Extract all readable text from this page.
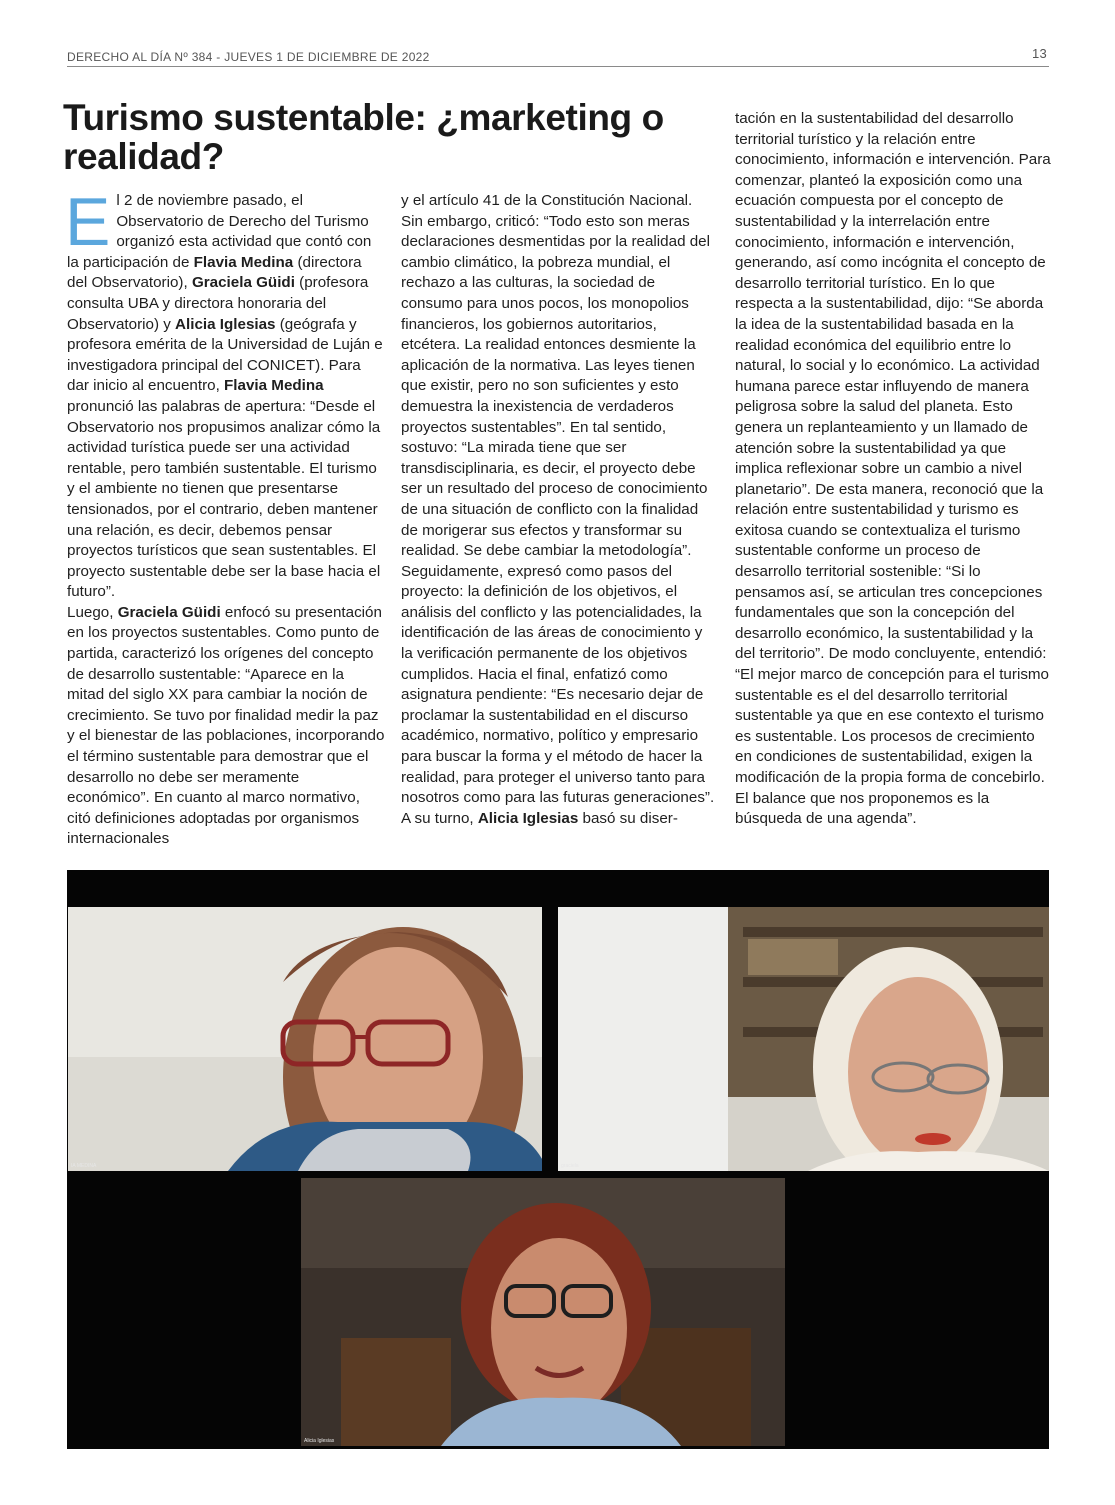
DERECHO AL DÍA Nº 384 - JUEVES 1 DE DICIEMBRE DE 2022	13
Turismo sustentable: ¿marketing o realidad?

El 2 de noviembre pasado, el Observatorio de Derecho del Turismo organizó esta actividad que contó con la participación de Flavia Medina (directora del Observatorio), Graciela Güidi (profesora consulta UBA y directora honoraria del Observatorio) y Alicia Iglesias (geógrafa y profesora emérita de la Universidad de Luján e investigadora principal del CONICET). Para dar inicio al encuentro, Flavia Medina pronunció las palabras de apertura: “Desde el Observatorio nos propusimos analizar cómo la actividad turística puede ser una actividad rentable, pero también sustentable. El turismo y el ambiente no tienen que presentarse tensionados, por el contrario, deben mantener una relación, es decir, debemos pensar proyectos turísticos que sean sustentables. El proyecto sustentable debe ser la base hacia el futuro”.

Luego, Graciela Güidi enfocó su presentación en los proyectos sustentables. Como punto de partida, caracterizó los orígenes del concepto de desarrollo sustentable: “Aparece en la mitad del siglo XX para cambiar la noción de crecimiento. Se tuvo por finalidad medir la paz y el bienestar de las poblaciones, incorporando el término sustentable para demostrar que el desarrollo no debe ser meramente económico”. En cuanto al marco normativo, citó definiciones adoptadas por organismos internacionales

y el artículo 41 de la Constitución Nacional. Sin embargo, criticó: “Todo esto son meras declaraciones desmentidas por la realidad del cambio climático, la pobreza mundial, el rechazo a las culturas, la sociedad de consumo para unos pocos, los monopolios financieros, los gobiernos autoritarios, etcétera. La realidad entonces desmiente la aplicación de la normativa. Las leyes tienen que existir, pero no son suficientes y esto demuestra la inexistencia de verdaderos proyectos sustentables”. En tal sentido, sostuvo: “La mirada tiene que ser transdisciplinaria, es decir, el proyecto debe ser un resultado del proceso de conocimiento de una situación de conflicto con la finalidad de morigerar sus efectos y transformar su realidad. Se debe cambiar la metodología”. Seguidamente, expresó como pasos del proyecto: la definición de los objetivos, el análisis del conflicto y las potencialidades, la identificación de las áreas de conocimiento y la verificación permanente de los objetivos cumplidos. Hacia el final, enfatizó como asignatura pendiente: “Es necesario dejar de proclamar la sustentabilidad en el discurso académico, normativo, político y empresario para buscar la forma y el método de hacer la realidad, para proteger el universo tanto para nosotros como para las futuras generaciones”.

A su turno, Alicia Iglesias basó su diser-

tación en la sustentabilidad del desarrollo territorial turístico y la relación entre conocimiento, información e intervención. Para comenzar, planteó la exposición como una ecuación compuesta por el concepto de sustentabilidad y la interrelación entre conocimiento, información e intervención, generando, así como incógnita el concepto de desarrollo territorial turístico. En lo que respecta a la sustentabilidad, dijo: “Se aborda la idea de la sustentabilidad basada en la realidad económica del equilibrio entre lo natural, lo social y lo económico. La actividad humana parece estar influyendo de manera peligrosa sobre la salud del planeta. Esto genera un replanteamiento y un llamado de atención sobre la sustentabilidad ya que implica reflexionar sobre un cambio a nivel planetario”. De esta manera, reconoció que la relación entre sustentabilidad y turismo es exitosa cuando se contextualiza el turismo sustentable conforme un proceso de desarrollo territorial sostenible: “Si lo pensamos así, se articulan tres concepciones fundamentales que son la concepción del desarrollo económico, la sustentabilidad y la del territorio”. De modo concluyente, entendió: “El mejor marco de concepción para el turismo sustentable es el del desarrollo territorial sustentable ya que en ese contexto el turismo es sustentable. Los procesos de crecimiento en condiciones de sustentabilidad, exigen la modificación de la propia forma de concebirlo. El balance que nos proponemos es la búsqueda de una agenda”.

IA MEDINA	graciela
Alicia Iglesias
